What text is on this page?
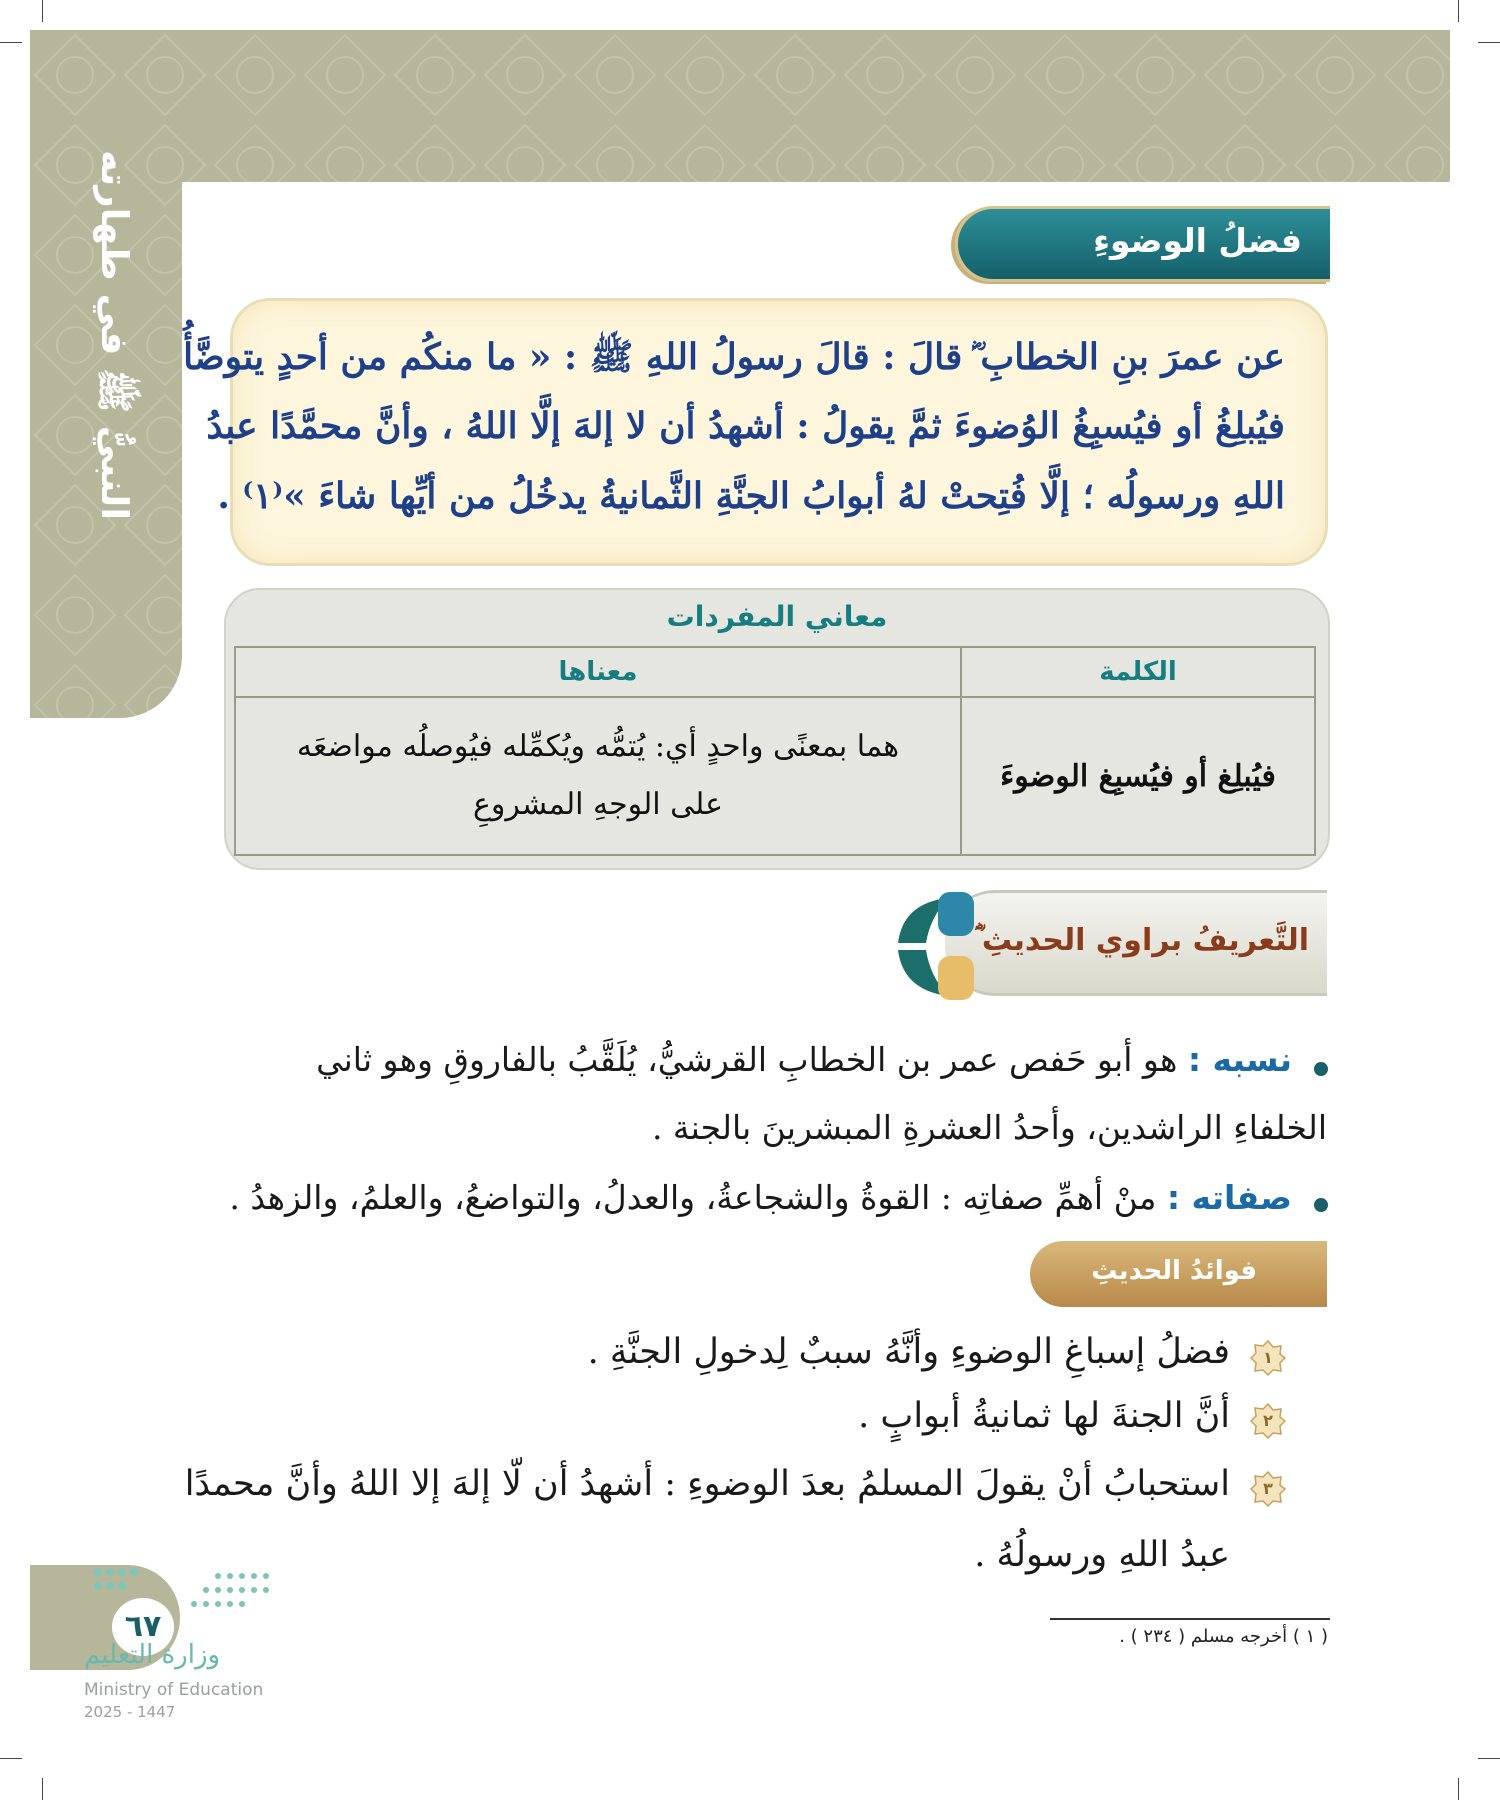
النبيُّ ﷺ في طهارته	فضلُ الوضوءِ
عن عمرَ بنِ الخطابِ ؓ قالَ : قالَ رسولُ اللهِ ﷺ : « ما منكُم من أحدٍ يتوضَّأُ
فيُبلِغُ أو فيُسبِغُ الوُضوءَ ثمَّ يقولُ : أشهدُ أن لا إلهَ إلَّا اللهُ ، وأنَّ محمَّدًا عبدُ
اللهِ ورسولُه ؛ إلَّا فُتِحتْ لهُ أبوابُ الجنَّةِ الثَّمانيةُ يدخُلُ من أيِّها شاءَ »⁽١⁾ .
معاني المفردات
الكلمة	معناها
فيُبلِغ أو فيُسبِغ الوضوءَ	هما بمعنًى واحدٍ أي: يُتمُّه ويُكمِّله فيُوصلُه مواضعَه
على الوجهِ المشروعِ
التَّعريفُ براوي الحديثِ ؓ
نسبه : هو أبو حَفص عمر بن الخطابِ القرشيُّ، يُلَقَّبُ بالفاروقِ وهو ثاني
الخلفاءِ الراشدين، وأحدُ العشرةِ المبشرينَ بالجنة .
صفاته : منْ أهمِّ صفاتِه : القوةُ والشجاعةُ، والعدلُ، والتواضعُ، والعلمُ، والزهدُ .
فوائدُ الحديثِ
١
فضلُ إسباغِ الوضوءِ وأنَّهُ سببٌ لِدخولِ الجنَّةِ .
٢
أنَّ الجنةَ لها ثمانيةُ أبوابٍ .
٣
استحبابُ أنْ يقولَ المسلمُ بعدَ الوضوءِ : أشهدُ أن لّا إلهَ إلا اللهُ وأنَّ محمدًا
عبدُ اللهِ ورسولُهُ .
( ١ ) أخرجه مسلم ( ٢٣٤ ) .
٦٧
وزارة التعليم
Ministry of Education
2025 - 1447
